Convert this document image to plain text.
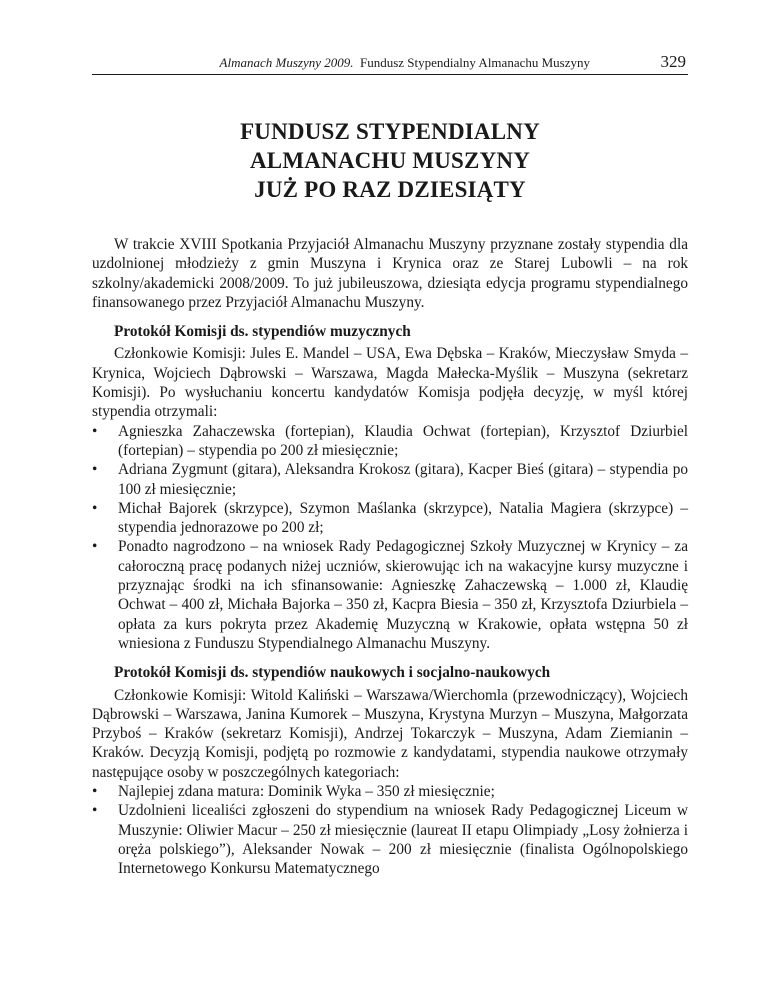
Almanach Muszyny 2009. Fundusz Stypendialny Almanachu Muszyny	329
FUNDUSZ STYPENDIALNY
ALMANACHU MUSZYNY
JUŻ PO RAZ DZIESIĄTY

W trakcie XVIII Spotkania Przyjaciół Almanachu Muszyny przyznane zostały stypendia dla uzdolnionej młodzieży z gmin Muszyna i Krynica oraz ze Starej Lubowli – na rok szkolny/akademicki 2008/2009. To już jubileuszowa, dziesiąta edycja programu stypendialnego finansowanego przez Przyjaciół Almanachu Muszyny.

Protokół Komisji ds. stypendiów muzycznych

Członkowie Komisji: Jules E. Mandel – USA, Ewa Dębska – Kraków, Mieczysław Smyda – Krynica, Wojciech Dąbrowski – Warszawa, Magda Małecka-Myślik – Muszyna (sekretarz Komisji). Po wysłuchaniu koncertu kandydatów Komisja podjęła decyzję, w myśl której stypendia otrzymali:

•	Agnieszka Zahaczewska (fortepian), Klaudia Ochwat (fortepian), Krzysztof Dziurbiel (fortepian) – stypendia po 200 zł miesięcznie;
•	Adriana Zygmunt (gitara), Aleksandra Krokosz (gitara), Kacper Bieś (gitara) – stypendia po 100 zł miesięcznie;
•	Michał Bajorek (skrzypce), Szymon Maślanka (skrzypce), Natalia Magiera (skrzypce) – stypendia jednorazowe po 200 zł;
•	Ponadto nagrodzono – na wniosek Rady Pedagogicznej Szkoły Muzycznej w Krynicy – za całoroczną pracę podanych niżej uczniów, skierowując ich na wakacyjne kursy muzyczne i przyznając środki na ich sfinansowanie: Agnieszkę Zahaczewską – 1.000 zł, Klaudię Ochwat – 400 zł, Michała Bajorka – 350 zł, Kacpra Biesia – 350 zł, Krzysztofa Dziurbiela – opłata za kurs pokryta przez Akademię Muzyczną w Krakowie, opłata wstępna 50 zł wniesiona z Funduszu Stypendialnego Almanachu Muszyny.

Protokół Komisji ds. stypendiów naukowych i socjalno-naukowych

Członkowie Komisji: Witold Kaliński – Warszawa/Wierchomla (przewodniczący), Wojciech Dąbrowski – Warszawa, Janina Kumorek – Muszyna, Krystyna Murzyn – Muszyna, Małgorzata Przyboś – Kraków (sekretarz Komisji), Andrzej Tokarczyk – Muszyna, Adam Ziemianin – Kraków. Decyzją Komisji, podjętą po rozmowie z kandydatami, stypendia naukowe otrzymały następujące osoby w poszczególnych kategoriach:

•	Najlepiej zdana matura: Dominik Wyka – 350 zł miesięcznie;
•	Uzdolnieni licealiści zgłoszeni do stypendium na wniosek Rady Pedagogicznej Liceum w Muszynie: Oliwier Macur – 250 zł miesięcznie (laureat II etapu Olimpiady „Losy żołnierza i oręża polskiego”), Aleksander Nowak – 200 zł miesięcznie (finalista Ogólnopolskiego Internetowego Konkursu Matematycznego
